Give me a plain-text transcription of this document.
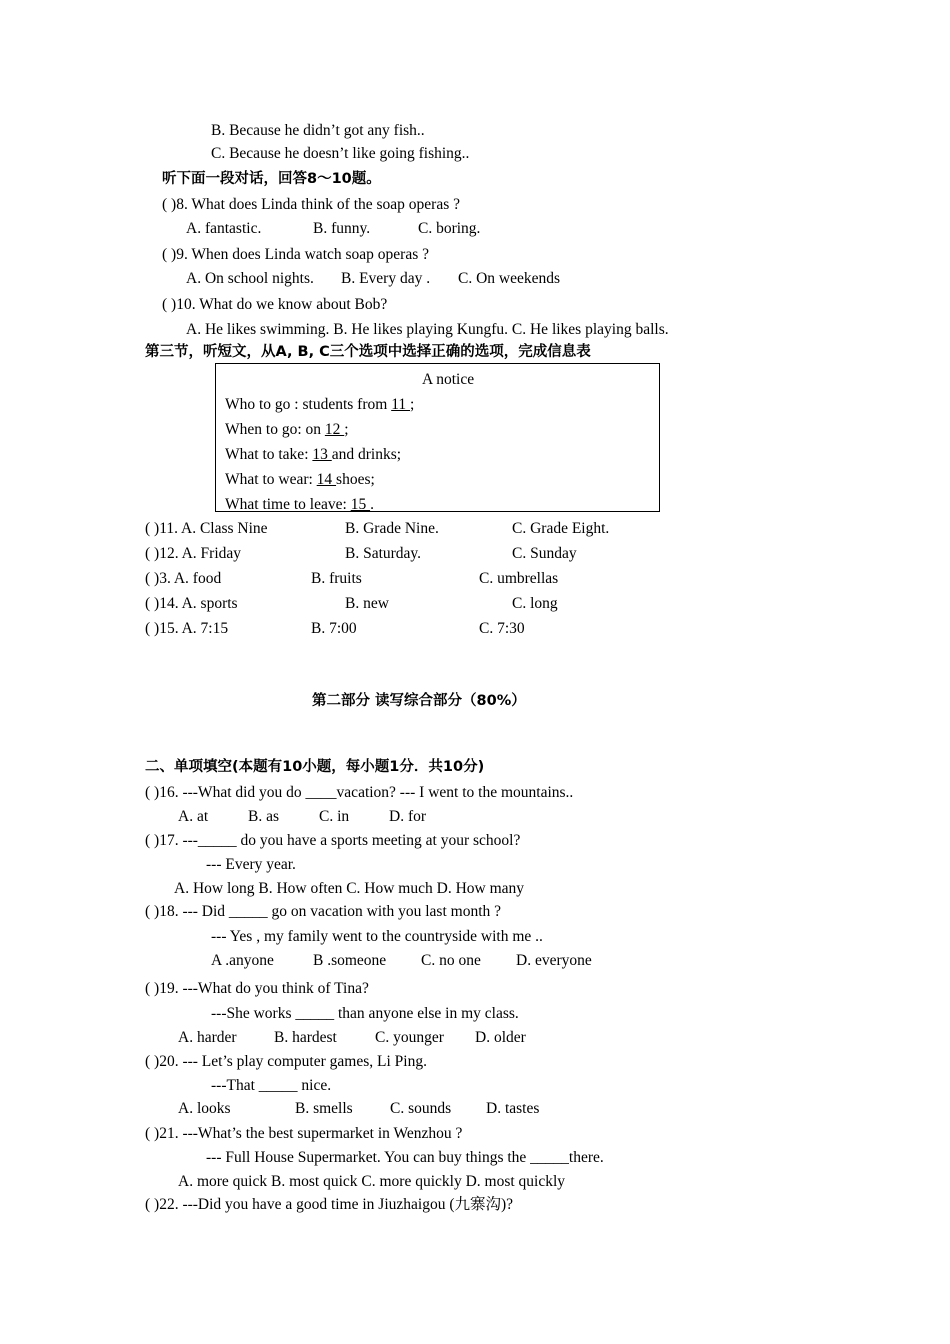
B. Because he didn’t got any fish..
C. Because he doesn’t like going fishing..
听下面一段对话，回答8～10题。
( )8. What does Linda think of the soap operas ?
A. fantastic.	B. funny.	C. boring.
( )9. When does Linda watch soap operas ?
A. On school nights. B. Every day . C. On weekends
( )10. What do we know about Bob?
A. He likes swimming. B. He likes playing Kungfu. C. He likes playing balls.
第三节，听短文，从A, B, C三个选项中选择正确的选项，完成信息表
A notice
Who to go : students from 11 ;
When to go: on 12 ;
What to take: 13 and drinks;
What to wear: 14 shoes;
What time to leave: 15 .
( )11. A. Class Nine	B. Grade Nine.	C. Grade Eight.
( )12. A. Friday	B. Saturday.	C. Sunday
( )3. A. food	B. fruits	C. umbrellas
( )14. A. sports	B. new	C. long
( )15. A. 7:15	B. 7:00	C. 7:30
第二部分 读写综合部分（80%）
二、单项填空(本题有10小题，每小题1分．共10分)
( )16. ---What did you do ____vacation? --- I went to the mountains..
A. at	B. as	C. in	D. for
( )17. ---_____ do you have a sports meeting at your school?
--- Every year.
A. How long B. How often C. How much D. How many
( )18. --- Did _____ go on vacation with you last month ?
--- Yes , my family went to the countryside with me ..
A .anyone	B .someone C. no one D. everyone
( )19. ---What do you think of Tina?
---She works _____ than anyone else in my class.
A. harder B. hardest C. younger D. older
( )20. --- Let’s play computer games, Li Ping.
---That _____ nice.
A. looks	B. smells C. sounds D. tastes
( )21. ---What’s the best supermarket in Wenzhou ?
--- Full House Supermarket. You can buy things the _____there.
A. more quick B. most quick C. more quickly D. most quickly
( )22. ---Did you have a good time in Jiuzhaigou (九寨沟)?
